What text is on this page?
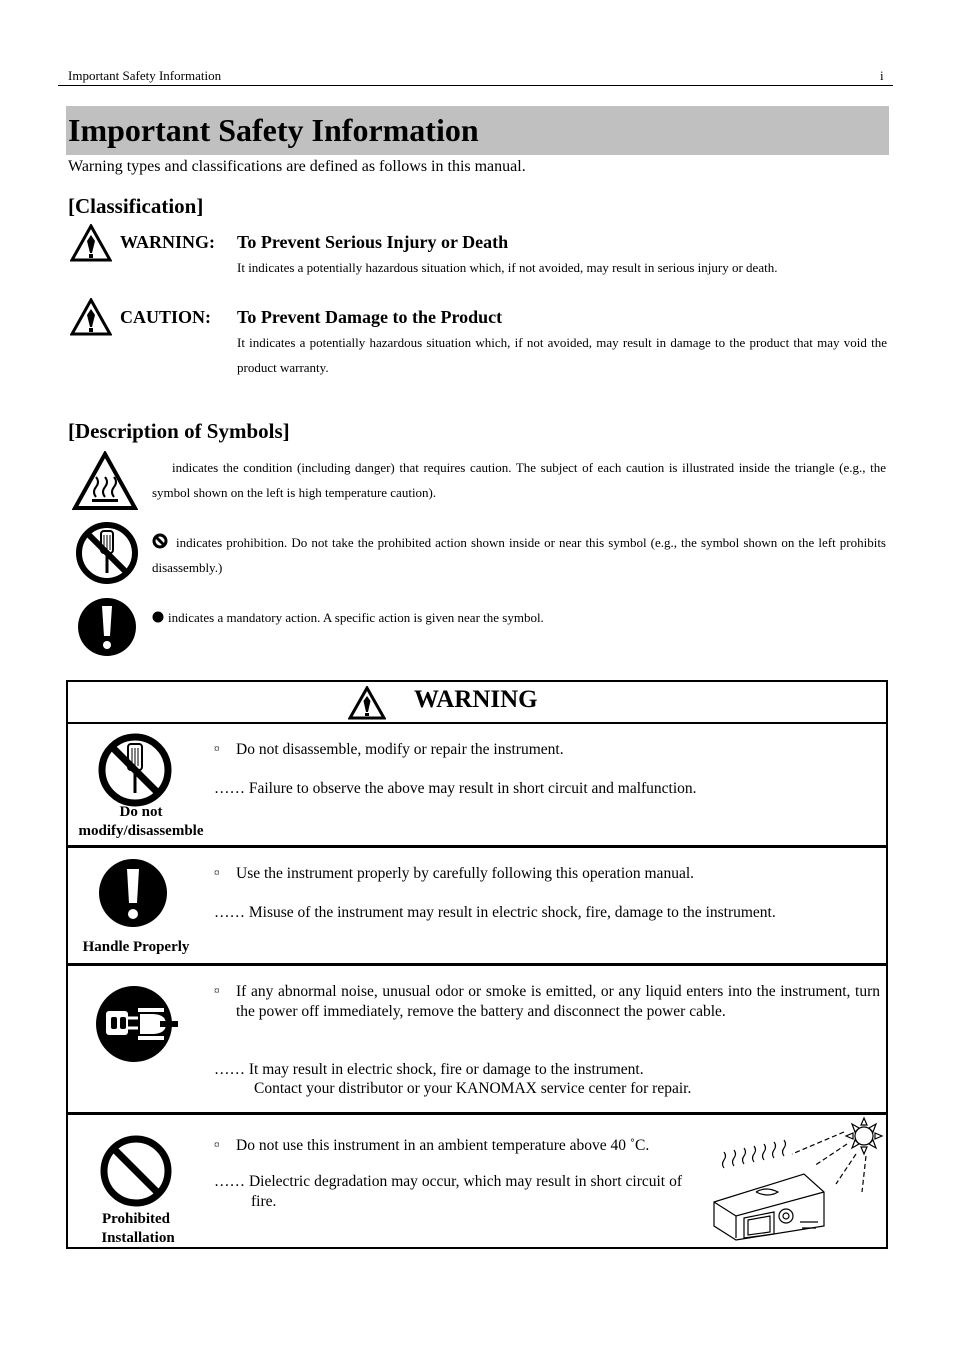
Important Safety Information	i
Important Safety Information
Warning types and classifications are defined as follows in this manual.
[Classification]
WARNING: To Prevent Serious Injury or Death
It indicates a potentially hazardous situation which, if not avoided, may result in serious injury or death.
CAUTION: To Prevent Damage to the Product
It indicates a potentially hazardous situation which, if not avoided, may result in damage to the product that may void the product warranty.
[Description of Symbols]
indicates the condition (including danger) that requires caution. The subject of each caution is illustrated inside the triangle (e.g., the symbol shown on the left is high temperature caution).
indicates prohibition. Do not take the prohibited action shown inside or near this symbol (e.g., the symbol shown on the left prohibits disassembly.)
indicates a mandatory action. A specific action is given near the symbol.
WARNING
Do not
modify/disassemble
¤ Do not disassemble, modify or repair the instrument.
…… Failure to observe the above may result in short circuit and malfunction.
Handle Properly
¤ Use the instrument properly by carefully following this operation manual.
…… Misuse of the instrument may result in electric shock, fire, damage to the instrument.
¤ If any abnormal noise, unusual odor or smoke is emitted, or any liquid enters into the instrument, turn the power off immediately, remove the battery and disconnect the power cable.
…… It may result in electric shock, fire or damage to the instrument.
Contact your distributor or your KANOMAX service center for repair.
Prohibited
Installation
¤ Do not use this instrument in an ambient temperature above 40 ˚C.
…… Dielectric degradation may occur, which may result in short circuit of fire.
